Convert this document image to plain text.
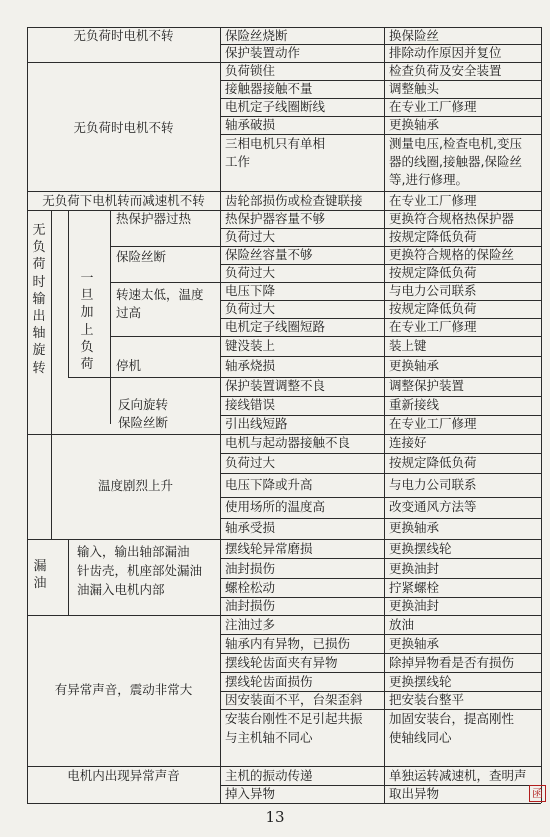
无负荷时电机不转
无负荷时电机不转
无负荷下电机转而减速机不转
温度剧烈上升
有异常声音，震动非常大
电机内出现异常声音
无负荷时输出轴旋转
一旦加上负荷
漏油
热保护器过热
保险丝断
转速太低，温度
过高
停机
反向旋转
保险丝断
输入，输出轴部漏油
针齿壳，机座部处漏油
油漏入电机内部
保险丝烧断
保护装置动作
负荷锁住
接触器接触不量
电机定子线圈断线
轴承破损
三相电机只有单相
工作
齿轮部损伤或检查键联接
热保护器容量不够
负荷过大
保险丝容量不够
负荷过大
电压下降
负荷过大
电机定子线圈短路
键没装上
轴承烧损
保护装置调整不良
接线错误
引出线短路
电机与起动器接触不良
负荷过大
电压下降或升高
使用场所的温度高
轴承受损
摆线轮异常磨损
油封损伤
螺栓松动
油封损伤
注油过多
轴承内有异物，已损伤
摆线轮齿面夹有异物
摆线轮齿面损伤
因安装面不平，台架歪斜
安装台刚性不足引起共振
与主机轴不同心
主机的振动传递
掉入异物
换保险丝
排除动作原因并复位
检查负荷及安全装置
调整触头
在专业工厂修理
更换轴承
测量电压,检查电机,变压
器的线圈,接触器,保险丝
等,进行修理。
在专业工厂修理
更换符合规格热保护器
按规定降低负荷
更换符合规格的保险丝
按规定降低负荷
与电力公司联系
按规定降低负荷
在专业工厂修理
装上键
更换轴承
调整保护装置
重新接线
在专业工厂修理
连接好
按规定降低负荷
与电力公司联系
改变通风方法等
更换轴承
更换摆线轮
更换油封
拧紧螺栓
更换油封
放油
更换轴承
除掉异物看是否有损伤
更换摆线轮
把安装台整平
加固安装台，提高刚性
使轴线同心
单独运转减速机，查明声
取出异物
13
函
